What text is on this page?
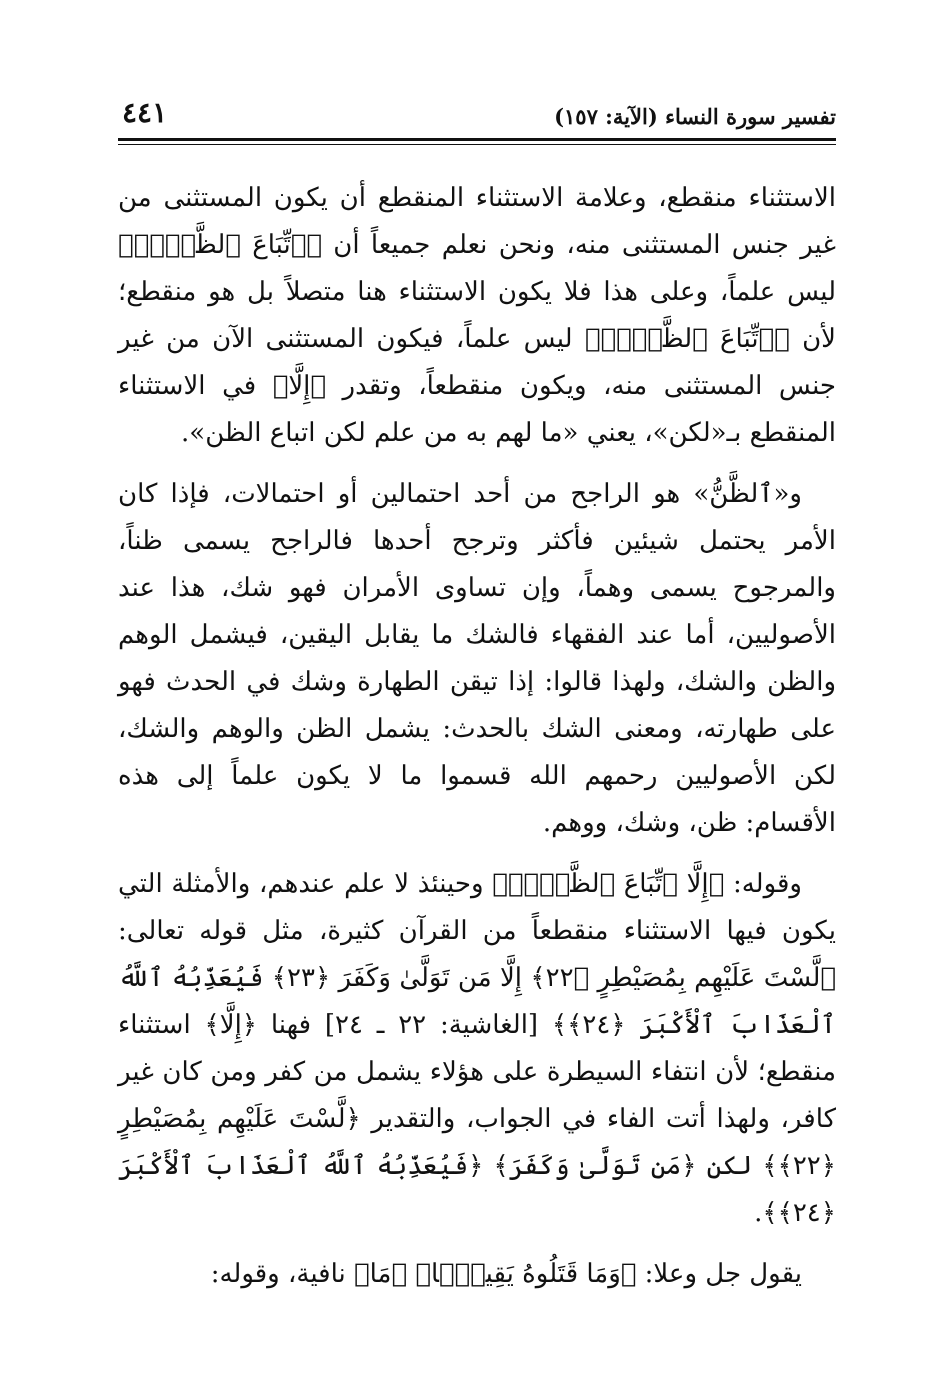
تفسير سورة النساء (الآية: ١٥٧)
٤٤١

الاستثناء منقطع، وعلامة الاستثناء المنقطع أن يكون المستثنى من غير جنس المستثنى منه، ونحن نعلم جميعاً أن ﴿ٱتِّبَاعَ ٱلظَّنِّۚ﴾ ليس علماً، وعلى هذا فلا يكون الاستثناء هنا متصلاً بل هو منقطع؛ لأن ﴿ٱتِّبَاعَ ٱلظَّنِّۚ﴾ ليس علماً، فيكون المستثنى الآن من غير جنس المستثنى منه، ويكون منقطعاً، وتقدر ﴿إِلَّا﴾ في الاستثناء المنقطع بـ«لكن»، يعني «ما لهم به من علم لكن اتباع الظن».

و«ٱلظَّنُّ» هو الراجح من أحد احتمالين أو احتمالات، فإذا كان الأمر يحتمل شيئين فأكثر وترجح أحدها فالراجح يسمى ظناً، والمرجوح يسمى وهماً، وإن تساوى الأمران فهو شك، هذا عند الأصوليين، أما عند الفقهاء فالشك ما يقابل اليقين، فيشمل الوهم والظن والشك، ولهذا قالوا: إذا تيقن الطهارة وشك في الحدث فهو على طهارته، ومعنى الشك بالحدث: يشمل الظن والوهم والشك، لكن الأصوليين رحمهم الله قسموا ما لا يكون علماً إلى هذه الأقسام: ظن، وشك، ووهم.

وقوله: ﴿إِلَّا ٱتِّبَاعَ ٱلظَّنِّۚ﴾ وحينئذ لا علم عندهم، والأمثلة التي يكون فيها الاستثناء منقطعاً من القرآن كثيرة، مثل قوله تعالى: ﴿لَّسْتَ عَلَيْهِم بِمُصَيْطِرٍ ﴿٢٢﴾ إِلَّا مَن تَوَلَّىٰ وَكَفَرَ ﴿٢٣﴾ فَيُعَذِّبُهُ ٱللَّهُ ٱلْعَذَابَ ٱلْأَكْبَرَ ﴿٢٤﴾﴾ [الغاشية: ٢٢ ـ ٢٤] فهنا ﴿إِلَّا﴾ استثناء منقطع؛ لأن انتفاء السيطرة على هؤلاء يشمل من كفر ومن كان غير كافر، ولهذا أتت الفاء في الجواب، والتقدير ﴿لَّسْتَ عَلَيْهِم بِمُصَيْطِرٍ ﴿٢٢﴾﴾ لكن ﴿مَن تَوَلَّىٰ وَكَفَرَ﴾ ﴿فَيُعَذِّبُهُ ٱللَّهُ ٱلْعَذَابَ ٱلْأَكْبَرَ ﴿٢٤﴾﴾.

يقول جل وعلا: ﴿وَمَا قَتَلُوهُ يَقِينَۢا﴾ ﴿مَا﴾ نافية، وقوله:
